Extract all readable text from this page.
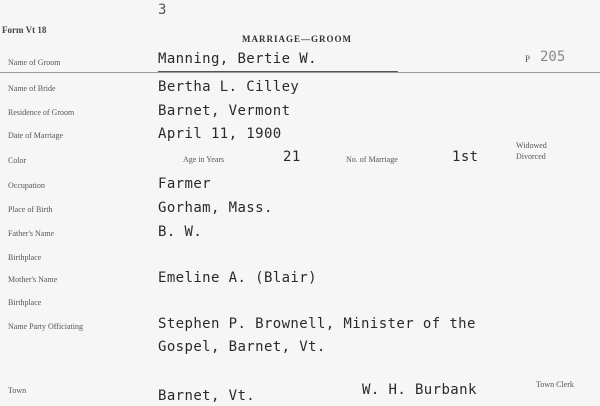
3
Form Vt 18
MARRIAGE—GROOM
Name of Groom	Manning, Bertie W.	P 205
Name of Bride	Bertha L. Cilley
Residence of Groom	Barnet, Vermont
Date of Marriage	April 11, 1900
Color	Age in Years	21	No. of Marriage	1st
Widowed
Divorced
Occupation	Farmer
Place of Birth	Gorham, Mass.
Father's Name	B. W.
Birthplace
Mother's Name	Emeline A. (Blair)
Birthplace
Name Party Officiating	Stephen P. Brownell, Minister of the
Gospel, Barnet, Vt.
Town	Barnet, Vt.	W. H. Burbank	Town Clerk
